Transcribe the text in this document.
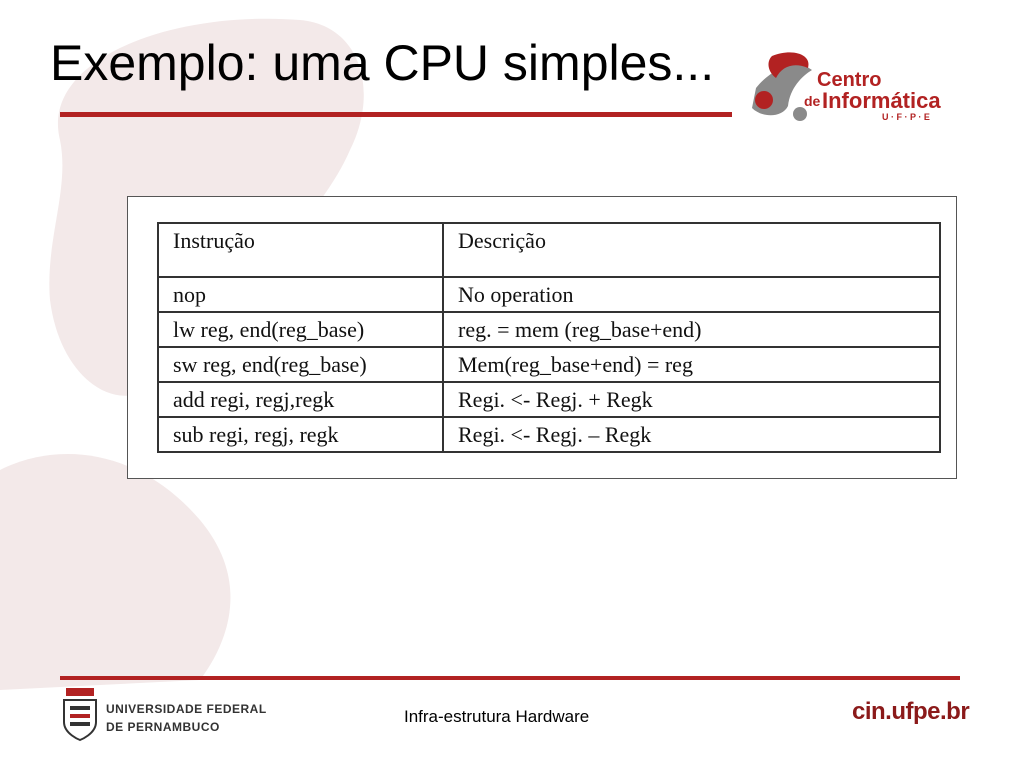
Exemplo: uma CPU simples...	Centro
de Informática
U · F · P · E
Instrução	Descrição
nop	No operation
lw reg, end(reg_base)	reg. = mem (reg_base+end)
sw reg, end(reg_base)	Mem(reg_base+end) = reg
add regi, regj,regk	Regi. <- Regj. + Regk
sub regi, regj, regk	Regi. <- Regj. – Regk
UNIVERSIDADE FEDERAL
DE PERNAMBUCO
Infra-estrutura Hardware	cin.ufpe.br
